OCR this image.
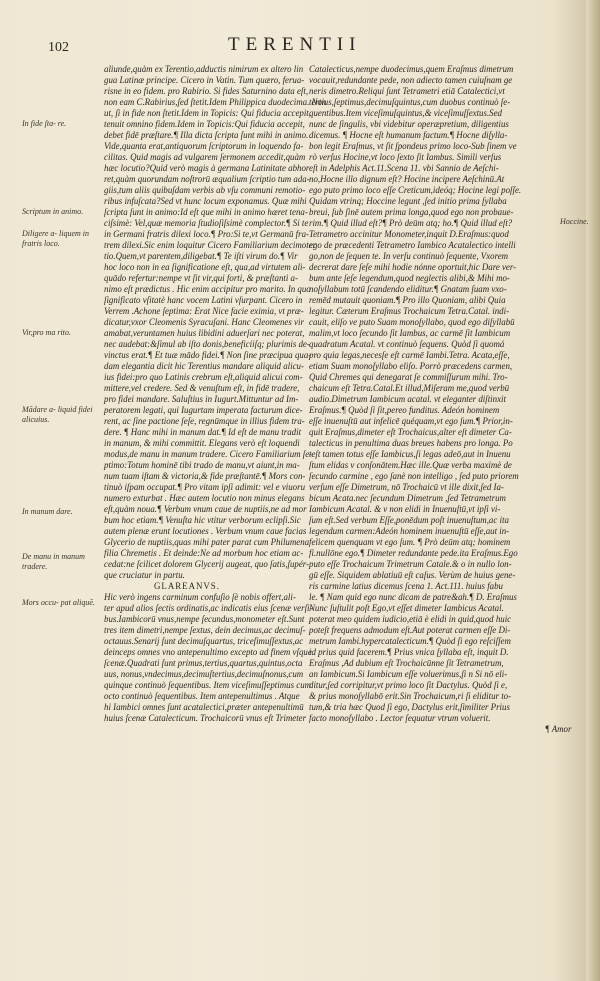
102	TERENTII

In fide ſta- re.

Scriptum in animo.

Diligere a- liquem in fratris loco.

Vir,pro ma rito.

Mādare a- liquid fidei alicuius.

In manum dare.

De manu in manum tradere.

Mors occu- pat aliquē.

Hoccine.

aliunde,quàm ex Terentio,adductis nimirum ex altero lin
gua Latinæ principe. Cicero in Vatin. Tum quæro, ferua-
risne in eo fidem. pro Rabirio. Si fides Saturnino data eſt,
non eam C.Rabirius,ſed ſtetit.Idem Philippica duodecima. Non
ut, ſi in fide non ſtetit.Idem in Topicis: Qui fiducia accepit,
tenuit omnino fidem.Idem in Topicis:Qui fiducia accepit,
debet fidē præſtare.¶ Illa dicta ſcripta ſunt mihi in animo.
Vide,quanta erat,antiquorum ſcriptorum in loquendo fa-
cilitas. Quid magis ad vulgarem ſermonem accedit,quàm
hæc locutio?Quid verò magis à germana Latinitate abhor
ret,quàm quorundam noſtrorū æqualium ſcriptio tum ada-
giis,tum aliis quibuſdam verbis ab vſu communi remotio-
ribus infuſcata?Sed vt hunc locum exponamus. Quæ mihi
ſcripta ſunt in animo:Id eſt que mihi in animo hæret tena-
ciſsimè: Vel,quæ memoria ſtudioſiſsimè complector.¶ Si te
in Germani fratris dilexi loco.¶ Pro:Si te,vt Germanū fra-
trem dilexi.Sic enim loquitur Cicero Familiarium decimoter
tio.Quem,vt parentem,diligebat.¶ Te iſti virum do.¶ Vir
hoc loco non in ea ſignificatione eſt, qua,ad virtutem ali-
quādo refertur:nempe vt ſit vir,qui forti, & præſtanti a-
nimo eſt prædictus . Hic enim accipitur pro marito. In quo
ſignificato vſitatè hanc vocem Latini vſurpant. Cicero in
Verrem .Achone ſeptima: Erat Nice facie eximia, vt præ-
dicatur,vxor Cleomenis Syracuſani. Hanc Cleomenes vir
amabat,veruntamen huius libidini aduerſari nec poterat,
nec audebat:&ſimul ab iſto donis,beneficiiſq; plurimis de-
vinctus erat.¶ Et tuæ mādo fidei.¶ Non ſine præcipua qua-
dam elegantia dicit hic Terentius mandare aliquid alicu-
ius fidei:pro quo Latinis crebrum eſt,aliquid alicui com-
mittere,vel credere. Sed & venuſtum eſt, in fidē tradere,
pro fidei mandare. Saluſtius in Iugurt.Mittuntur ad Im-
peratorem legati, qui Iugurtam imperata facturum dice-
rent, ac ſine pactione ſeſe, regnūmque in illius fidem tra-
dere. ¶ Hanc mihi in manum dat.¶ Id eſt de manu tradit
in manum, & mihi committit. Elegans verò eſt loquendi
modus,de manu in manum tradere. Cicero Familiarium ſe-
ptimo:Totum hominē tibi trado de manu,vt aiunt,in ma-
num tuam iſtam & victoria,& fide præſtantē.¶ Mors con-
tinuò iſpam occupat.¶ Pro vitam ipſi adimit: vel e viuoru
numero exturbat . Hæc autem locutio non minus elegans
eſt,quàm noua.¶ Verbum vnum caue de nuptiis,ne ad mor
bum hoc etiam.¶ Venuſta hic vtitur verborum eclipſi.Sic
autem plenæ erunt locutiones . Verbum vnum caue facias
Glycerio de nuptiis,quas mihi pater parat cum Philumena
filia Chremetis . Et deinde:Ne ad morbum hoc etiam ac-
cedat:ne ſcilicet dolorem Glycerij augeat, quo ſatis,ſupér-
que cruciatur in partu.
GLAREANVS.
Hic verò ingens carminum confuſio ſè nobis offert,ali-
ter apud alios ſectis ordinatis,ac indicatis eius ſcenæ verſi-
bus.Iambicorū vnus,nempe ſecundus,monometer eſt.Sunt
tres item dimetri,nempe ſextus, dein decimus,ac decimuſ-
octauus.Senarij ſunt decimuſquartus, triceſimuſſextus,ac
deinceps omnes vno antepenultimo excepto ad finem vſque
ſcenæ.Quadrati ſunt primus,tertius,quartus,quintus,octa
uus, nonus,vndecimus,decimuſtertius,decimuſnonus,cum
quinque continuò ſequentibus. Item viceſimuſſeptimus cum
octo continuò ſequentibus. Item antepenultimus . Atque
hi Iambici omnes ſunt acatalectici,præter antepenultimū
huius ſcenæ Catalecticum. Trochaicorū vnus eſt Trimeter
Catalecticus,nempe duodecimus,quem Eraſmus dimetrum
vocauit,redundante pede, non adiecto tamen cuiuſnam ge
neris dimetro.Reliqui ſunt Tetrametri etiā Catalectici,vt
tertius,ſeptimus,decimuſquintus,cum duobus continuò ſe-
quentibus.Item viceſimuſquintus,& viceſimuſſextus.Sed
nunc de ſingulis, vbi videbitur operæpretium, diligentius
dicemus. ¶ Hocne eſt humanum factum.¶ Hocne diſylla-
bon legit Eraſmus, vt ſit ſpondeus primo loco-Sub ſinem ve
rò verſus Hocine,vt loco ſexto ſit Iambus. Simili verſus
eſt in Adelphis Act.11.Scena 11. vbi Sannio de Aeſchi-
no,Hocne illo dignum eſt? Hocine incipere Aeſchinū.At
ego puto primo loco eſſe Creticum,ideóq; Hocine legi poſſe.
Quidam vtrinq; Hoccine legunt ,ſed initio prima ſyllaba
breui, ſub ſinē autem prima longa,quod ego non probaue-
rim.¶ Quid illud eſt?¶ Prò deūm atq; ho.¶ Quid illud eſt?
Tetrametro accinitur Monometer,inquit D.Eraſmus:quod
ego de præcedenti Tetrametro Iambico Acatalectico intelli
go,non de ſequen te. In verſu continuò ſequente, Vxorem
decrerat dare ſeſe mihi hodie nónne oportuit,hic Dare ver-
bum ante ſeſe legendum,quod neglectis alibi,& Mihi mo-
noſyllabum totū ſcandendo eliditur.¶ Gnatam ſuam vxo-
remēd mutauit quoniam.¶ Pro illo Quoniam, alibi Quia
legitur. Cæterum Eraſmus Trochaicum Tetra.Catal. indi-
cauit, eliſo ve puto Suam monoſyllabo, quod ego diſyllabū
malim,vt loco ſecundo ſit Iambus, ac carmē ſit Iambicum
quadratum Acatal. vt continuò ſequens. Quòd ſi quomá
pro quia legas,necesſe eſt carmē Iambi.Tetra. Acata,eſſe,
etiam Suam monoſyllabo eliſo. Porrò præcedens carmen,
Quid Chremes qui denegarat ſe commiſſurum mihi. Tro-
chaicum eſt Tetra.Catal.Et illud,Miſeram me,quod verbū
audio.Dimetrum Iambicum acatal. vt eleganter diſtinxit
Eraſmus.¶ Quòd ſi ſit,pereo funditus. Adeón hominem
eſſe inuenuſtū aut infelicē quéquam,vt ego ſum.¶ Prior,in-
quit Eraſmus,dimeter eſt Trochaicus,alter eſt dimeter Ca-
talecticus in penultima duas breues habens pro longa. Po
teſt tamen totus eſſe Iambicus,ſi legas adeō,aut in Inuenu
ſtum elidas v conſonātem.Hæc ille.Quæ verba maximè de
ſecundo carmine , ego ſanè non intelligo , ſed puto priorem
verſum eſſe Dimetrum, nō Trochaicū vt ille dixit,ſed Ia-
bicum Acata.nec ſecundum Dimetrum ,ſed Tetrametrum
Iambicum Acatal. & v non elidi in Inuenuſtū,vt ipſi vi-
ſum eſt.Sed verbum Eſſe,ponēdum poſt inuenuſtum,ac ita
legendum carmen:Adeón hominem inuenuſtū eſſe,aut in-
felicem quenquam vt ego ſum. ¶ Prò deūm atq; hominem
fi.nullōne ego.¶ Dimeter redundante pede.ita Eraſmus.Ego
puto eſſe Trochaicum Trimetrum Catale.& o in nullo lon-
gū eſſe. Siquidem ablatiuū eſt caſus. Verùm de huius gene-
ris carmine latius dicemus ſcena 1. Act.111. huius fabu
le. ¶ Nam quid ego nunc dicam de patre&ah.¶ D. Eraſmus
Nunc ſuſtulit poſt Ego,vt eſſet dimeter Iambicus Acatal.
poterat meo quidem iudicio,etiā è elidi in quid,quod huic
poteſt frequens admodum eſt.Aut poterat carmen eſſe Di-
metrum Iambi.hypercatalecticum.¶ Quòd ſi ego reſciſſem
id prius quid facerem.¶ Prius vnica ſyllaba eſt, inquit D.
Eraſmus ,Ad dubium eſt Trochaicūnne ſit Tetrametrum,
an Iambicum.Si Iambicum eſſe voluerimus,ſi n Si nō eli-
ditur,ſed corripitur,vt primo loco ſit Dactylus. Quòd ſi e,
& prius monoſyllabō erit.Sin Trochaicum,ri ſi eliditur to-
tum,& tria hæc Quod ſi ego, Dactylus erit,ſimiliter Prius
facto monoſyllabo . Lector ſequatur vtrum voluerit.
¶ Amor
